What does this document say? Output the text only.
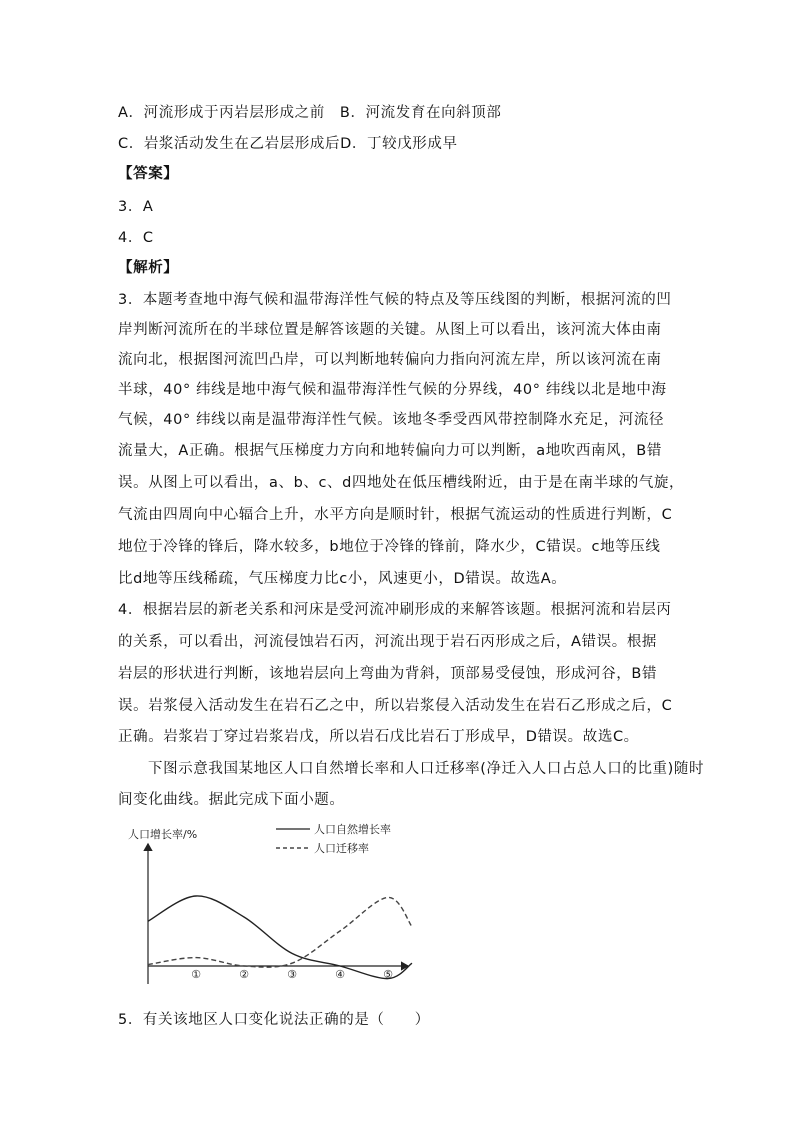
A．河流形成于丙岩层形成之前　B．河流发育在向斜顶部
C．岩浆活动发生在乙岩层形成后D．丁较戊形成早
【答案】
3．A
4．C
【解析】
3．本题考查地中海气候和温带海洋性气候的特点及等压线图的判断，根据河流的凹
岸判断河流所在的半球位置是解答该题的关键。从图上可以看出，该河流大体由南
流向北，根据图河流凹凸岸，可以判断地转偏向力指向河流左岸，所以该河流在南
半球，40° 纬线是地中海气候和温带海洋性气候的分界线，40° 纬线以北是地中海
气候，40° 纬线以南是温带海洋性气候。该地冬季受西风带控制降水充足，河流径
流量大，A正确。根据气压梯度力方向和地转偏向力可以判断，a地吹西南风，B错
误。从图上可以看出，a、b、c、d四地处在低压槽线附近，由于是在南半球的气旋，
气流由四周向中心辐合上升，水平方向是顺时针，根据气流运动的性质进行判断，C
地位于冷锋的锋后，降水较多，b地位于冷锋的锋前，降水少，C错误。c地等压线
比d地等压线稀疏，气压梯度力比c小，风速更小，D错误。故选A。
4．根据岩层的新老关系和河床是受河流冲刷形成的来解答该题。根据河流和岩层丙
的关系，可以看出，河流侵蚀岩石丙，河流出现于岩石丙形成之后，A错误。根据
岩层的形状进行判断，该地岩层向上弯曲为背斜，顶部易受侵蚀，形成河谷，B错
误。岩浆侵入活动发生在岩石乙之中，所以岩浆侵入活动发生在岩石乙形成之后，C
正确。岩浆岩丁穿过岩浆岩戊，所以岩石戊比岩石丁形成早，D错误。故选C。
下图示意我国某地区人口自然增长率和人口迁移率(净迁入人口占总人口的比重)随时
间变化曲线。据此完成下面小题。
人口增长率/%	人口自然增长率
人口迁移率
①	②	③	④	⑤
5．有关该地区人口变化说法正确的是（　　）
